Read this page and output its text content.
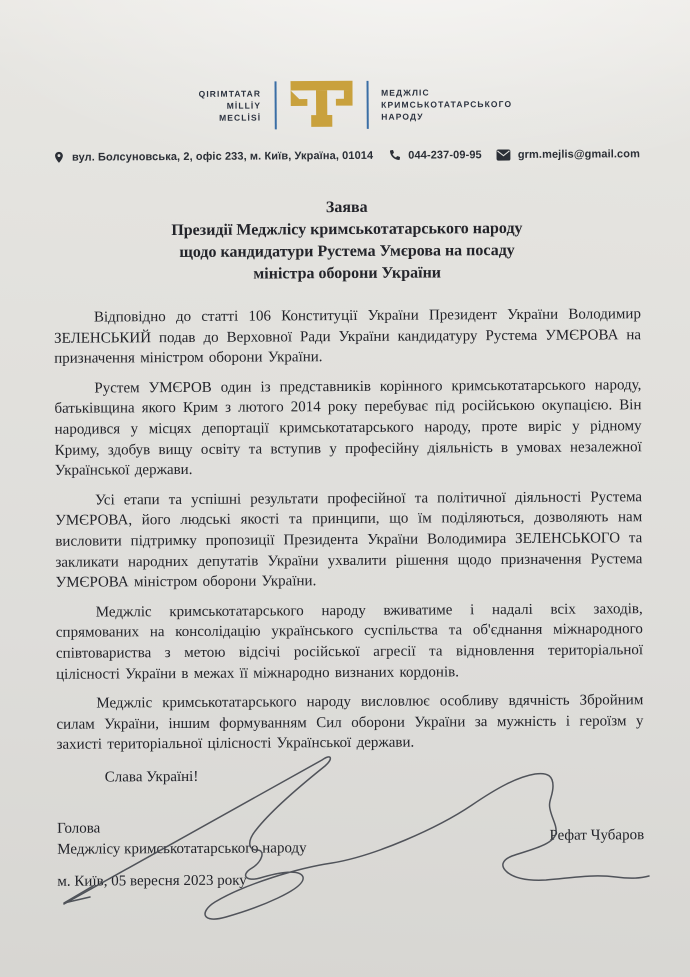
QIRIMTATAR
MİLLİY
MECLİSİ
МЕДЖЛІС
КРИМСЬКОТАТАРСЬКОГО
НАРОДУ
вул. Болсуновська, 2, офіс 233, м. Київ, Україна, 01014	044-237-09-95	grm.mejlis@gmail.com
Заява
Президії Меджлісу кримськотатарського народу
щодо кандидатури Рустема Умєрова на посаду
міністра оборони України

Відповідно до статті 106 Конституції України Президент України Володимир ЗЕЛЕНСЬКИЙ подав до Верховної Ради України кандидатуру Рустема УМЄРОВА на призначення міністром оборони України.

Рустем УМЄРОВ один із представників корінного кримськотатарського народу, батьківщина якого Крим з лютого 2014 року перебуває під російською окупацією. Він народився у місцях депортації кримськотатарського народу, проте виріс у рідному Криму, здобув вищу освіту та вступив у професійну діяльність в умовах незалежної Української держави.

Усі етапи та успішні результати професійної та політичної діяльності Рустема УМЄРОВА, його людські якості та принципи, що їм поділяються, дозволяють нам висловити підтримку пропозиції Президента України Володимира ЗЕЛЕНСЬКОГО та закликати народних депутатів України ухвалити рішення щодо призначення Рустема УМЄРОВА міністром оборони України.

Меджліс кримськотатарського народу вживатиме і надалі всіх заходів, спрямованих на консолідацію українського суспільства та об'єднання міжнародного співтовариства з метою відсічі російської агресії та відновлення територіальної цілісності України в межах її міжнародно визнаних кордонів.

Меджліс кримськотатарського народу висловлює особливу вдячність Збройним силам України, іншим формуванням Сил оборони України за мужність і героїзм у захисті територіальної цілісності Української держави.

Слава Україні!
Голова
Меджлісу кримськотатарського народу
Рефат Чубаров
м. Київ, 05 вересня 2023 року
